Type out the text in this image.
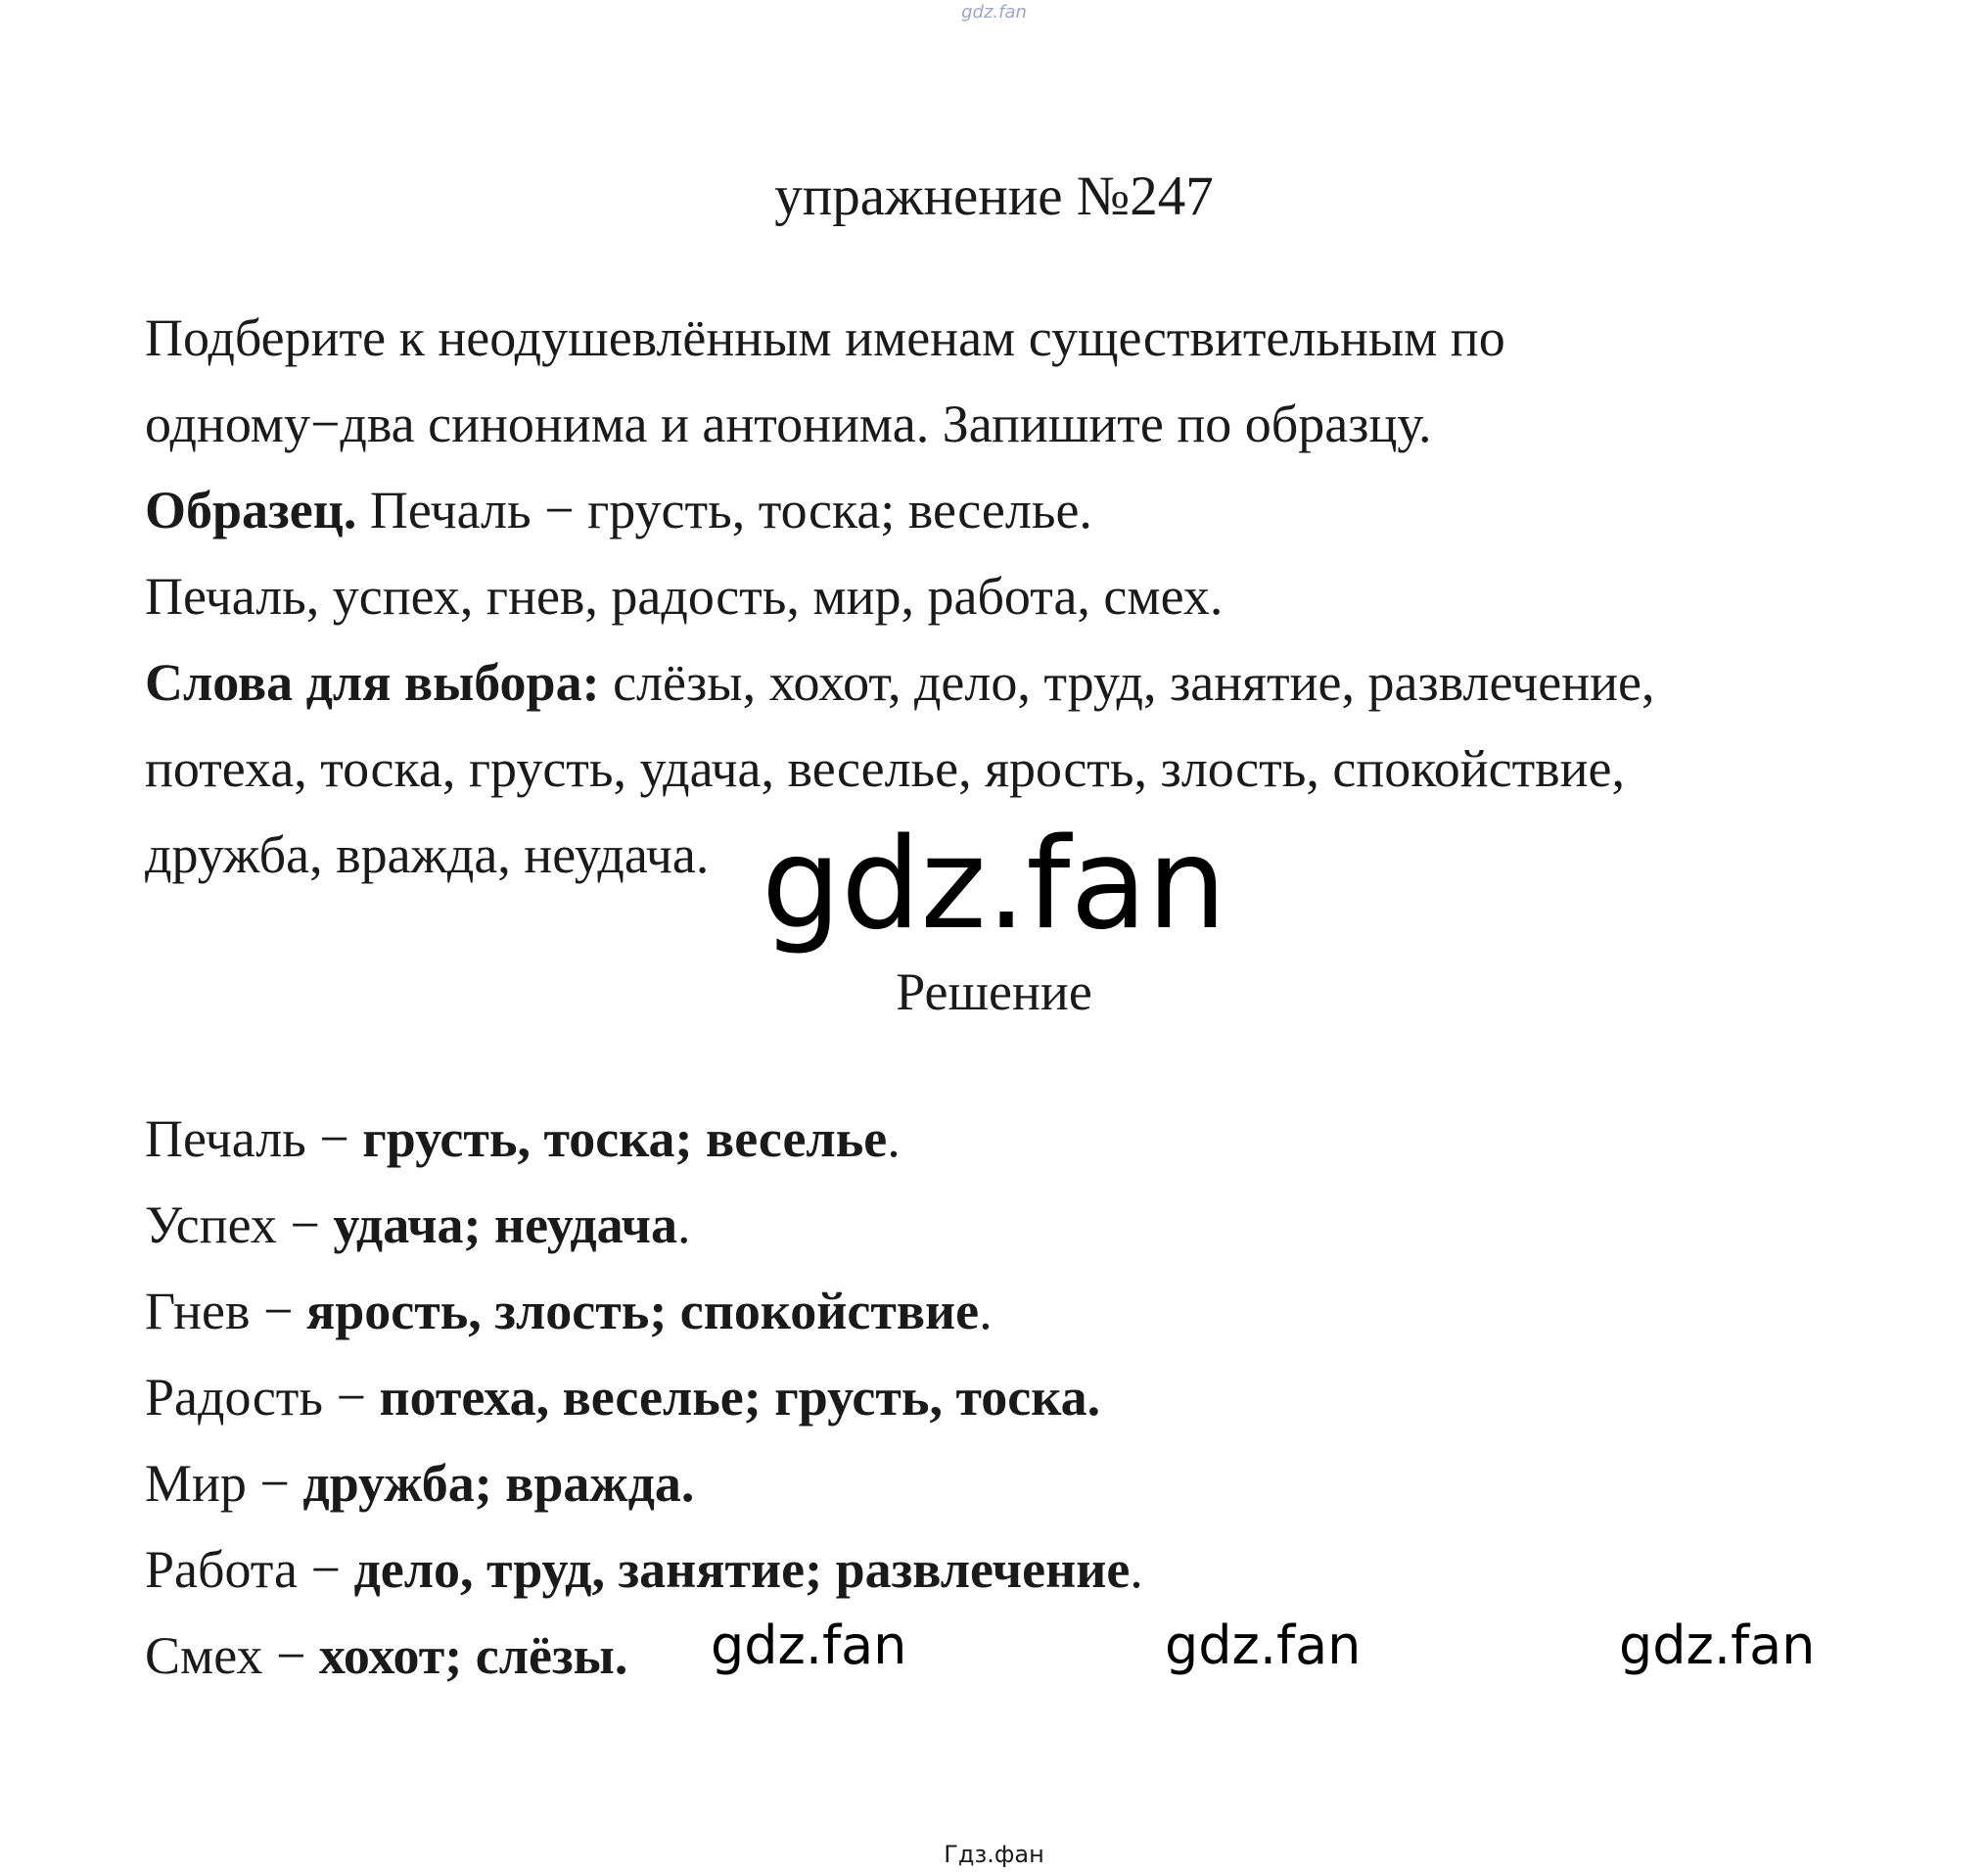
gdz.fan
упражнение №247
Подберите к неодушевлённым именам существительным по
одному−два синонима и антонима. Запишите по образцу.
Образец. Печаль − грусть, тоска; веселье.
Печаль, успех, гнев, радость, мир, работа, смех.
Слова для выбора: слёзы, хохот, дело, труд, занятие, развлечение,
потеха, тоска, грусть, удача, веселье, ярость, злость, спокойствие,
дружба, вражда, неудача. gdz.fan
Решение
Печаль − грусть, тоска; веселье.
Успех − удача; неудача.
Гнев − ярость, злость; спокойствие.
Радость − потеха, веселье; грусть, тоска.
Мир − дружба; вражда.
Работа − дело, труд, занятие; развлечение.
Смех − хохот; слёзы. gdz.fan	gdz.fan	gdz.fan
Гдз.фан
